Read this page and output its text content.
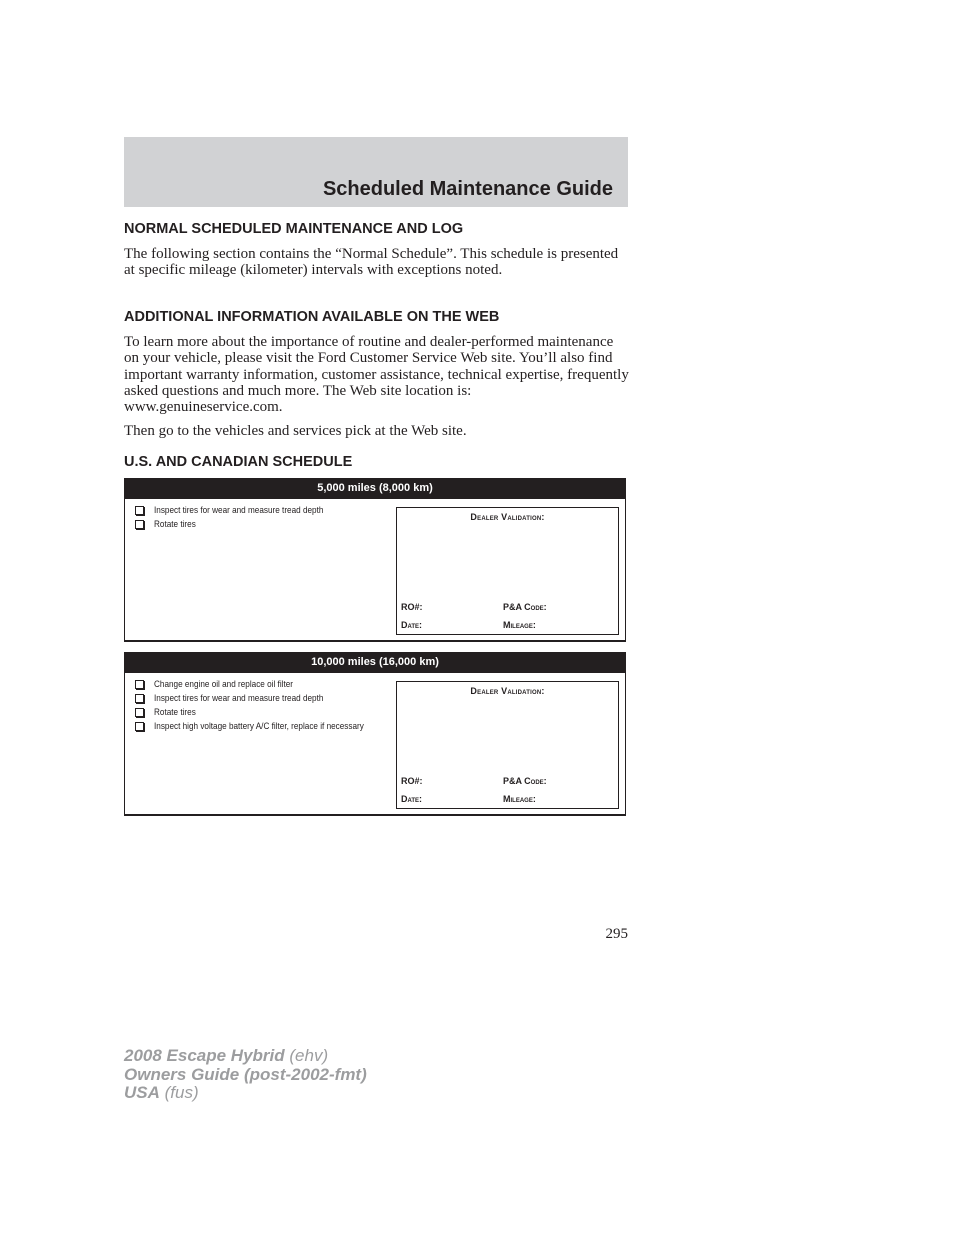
Scheduled Maintenance Guide
NORMAL SCHEDULED MAINTENANCE AND LOG

The following section contains the “Normal Schedule”. This schedule is presented at specific mileage (kilometer) intervals with exceptions noted.

ADDITIONAL INFORMATION AVAILABLE ON THE WEB

To learn more about the importance of routine and dealer-performed maintenance on your vehicle, please visit the Ford Customer Service Web site. You’ll also find important warranty information, customer assistance, technical expertise, frequently asked questions and much more. The Web site location is: www.genuineservice.com.

Then go to the vehicles and services pick at the Web site.

U.S. AND CANADIAN SCHEDULE
5,000 miles (8,000 km)
Inspect tires for wear and measure tread depth
Rotate tires
Dealer Validation:
RO#:	P&A Code:
Date:	Mileage:
10,000 miles (16,000 km)
Change engine oil and replace oil filter
Inspect tires for wear and measure tread depth
Rotate tires
Inspect high voltage battery A/C filter, replace if necessary
Dealer Validation:
RO#:	P&A Code:
Date:	Mileage:
295
2008 Escape Hybrid (ehv)
Owners Guide (post-2002-fmt)
USA (fus)
